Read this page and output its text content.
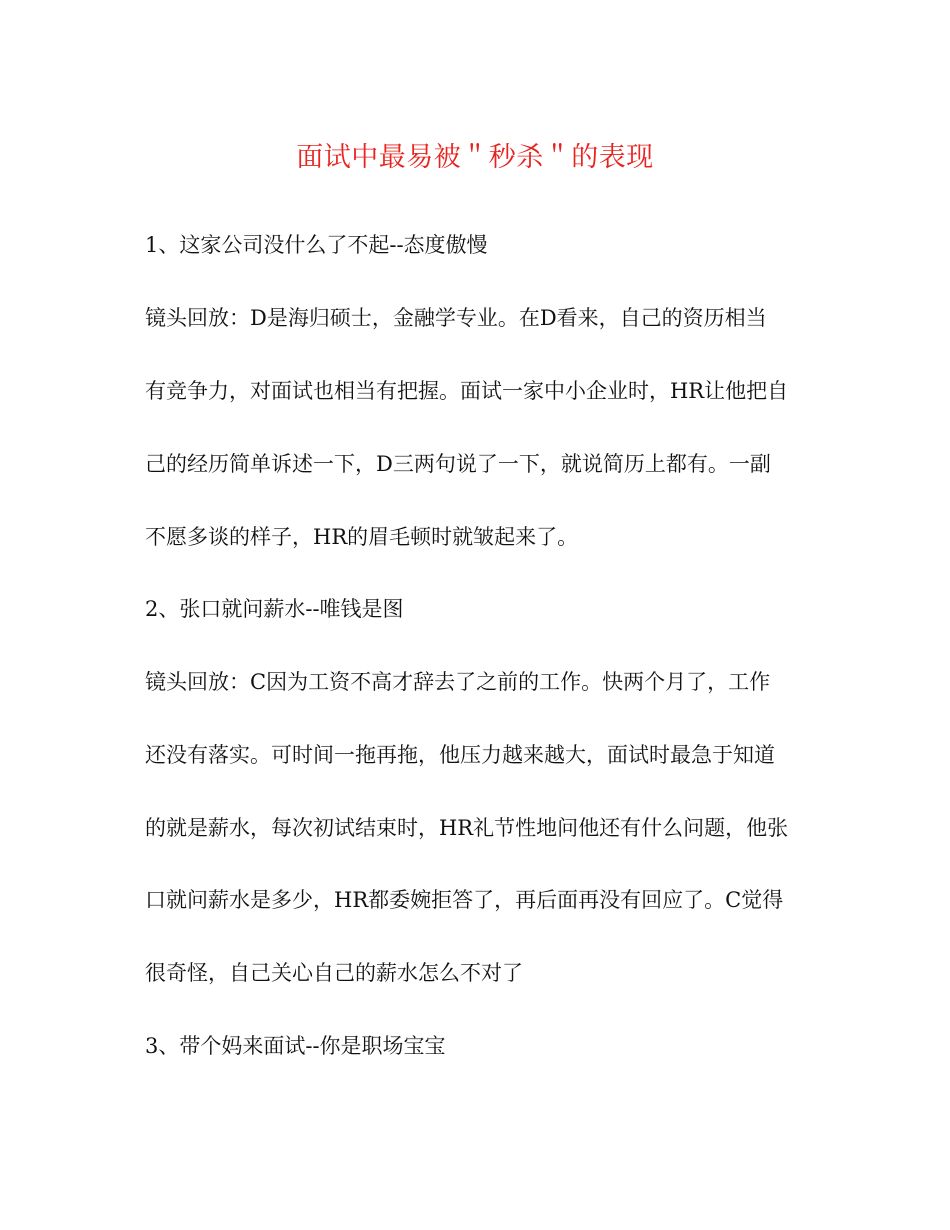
面试中最易被＂秒杀＂的表现
1、这家公司没什么了不起--态度傲慢
镜头回放：D是海归硕士，金融学专业。在D看来，自己的资历相当
有竞争力，对面试也相当有把握。面试一家中小企业时，HR让他把自
己的经历简单诉述一下，D三两句说了一下，就说简历上都有。一副
不愿多谈的样子，HR的眉毛顿时就皱起来了。
2、张口就问薪水--唯钱是图
镜头回放：C因为工资不高才辞去了之前的工作。快两个月了，工作
还没有落实。可时间一拖再拖，他压力越来越大，面试时最急于知道
的就是薪水，每次初试结束时，HR礼节性地问他还有什么问题，他张
口就问薪水是多少，HR都委婉拒答了，再后面再没有回应了。C觉得
很奇怪，自己关心自己的薪水怎么不对了
3、带个妈来面试--你是职场宝宝
